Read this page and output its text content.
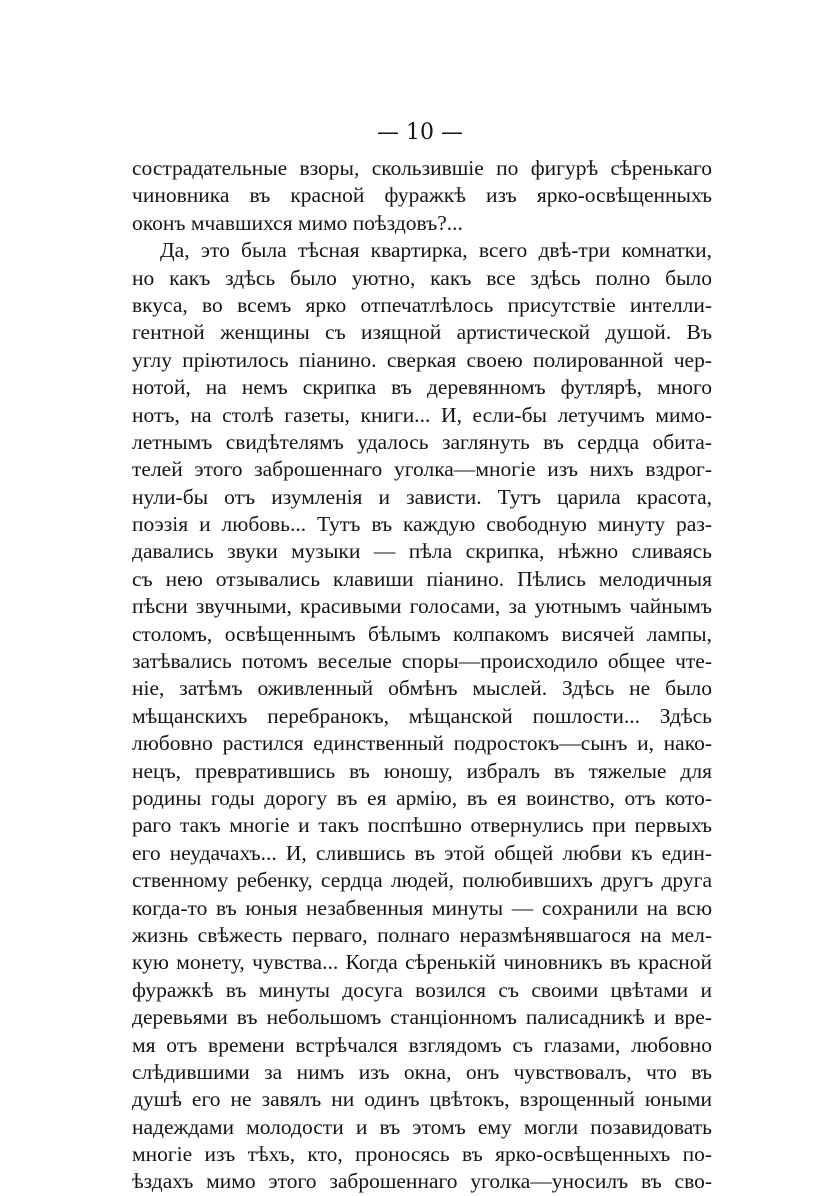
— 10 —
сострадательные взоры, скользившіе по фигурѣ сѣренькаго
чиновника въ красной фуражкѣ изъ ярко-освѣщенныхъ
оконъ мчавшихся мимо поѣздовъ?...
Да, это была тѣсная квартирка, всего двѣ-три комнатки,
но какъ здѣсь было уютно, какъ все здѣсь полно было
вкуса, во всемъ ярко отпечатлѣлось присутствіе интелли-
гентной женщины съ изящной артистической душой. Въ
углу пріютилось піанино. сверкая своею полированной чер-
нотой, на немъ скрипка въ деревянномъ футлярѣ, много
нотъ, на столѣ газеты, книги... И, если-бы летучимъ мимо-
летнымъ свидѣтелямъ удалось заглянуть въ сердца обита-
телей этого заброшеннаго уголка—многіе изъ нихъ вздрог-
нули-бы отъ изумленія и зависти. Тутъ царила красота,
поэзія и любовь... Тутъ въ каждую свободную минуту раз-
давались звуки музыки — пѣла скрипка, нѣжно сливаясь
съ нею отзывались клавиши піанино. Пѣлись мелодичныя
пѣсни звучными, красивыми голосами, за уютнымъ чайнымъ
столомъ, освѣщеннымъ бѣлымъ колпакомъ висячей лампы,
затѣвались потомъ веселые споры—происходило общее чте-
ніе, затѣмъ оживленный обмѣнъ мыслей. Здѣсь не было
мѣщанскихъ перебранокъ, мѣщанской пошлости... Здѣсь
любовно растился единственный подростокъ—сынъ и, нако-
нецъ, превратившись въ юношу, избралъ въ тяжелые для
родины годы дорогу въ ея армію, въ ея воинство, отъ кото-
раго такъ многіе и такъ поспѣшно отвернулись при первыхъ
его неудачахъ... И, слившись въ этой общей любви къ един-
ственному ребенку, сердца людей, полюбившихъ другъ друга
когда-то въ юныя незабвенныя минуты — сохранили на всю
жизнь свѣжесть перваго, полнаго неразмѣнявшагося на мел-
кую монету, чувства... Когда сѣренькій чиновникъ въ красной
фуражкѣ въ минуты досуга возился съ своими цвѣтами и
деревьями въ небольшомъ станціонномъ палисадникѣ и вре-
мя отъ времени встрѣчался взглядомъ съ глазами, любовно
слѣдившими за нимъ изъ окна, онъ чувствовалъ, что въ
душѣ его не завялъ ни одинъ цвѣтокъ, взрощенный юными
надеждами молодости и въ этомъ ему могли позавидовать
многіе изъ тѣхъ, кто, проносясь въ ярко-освѣщенныхъ по-
ѣздахъ мимо этого заброшеннаго уголка—уносилъ въ сво-
